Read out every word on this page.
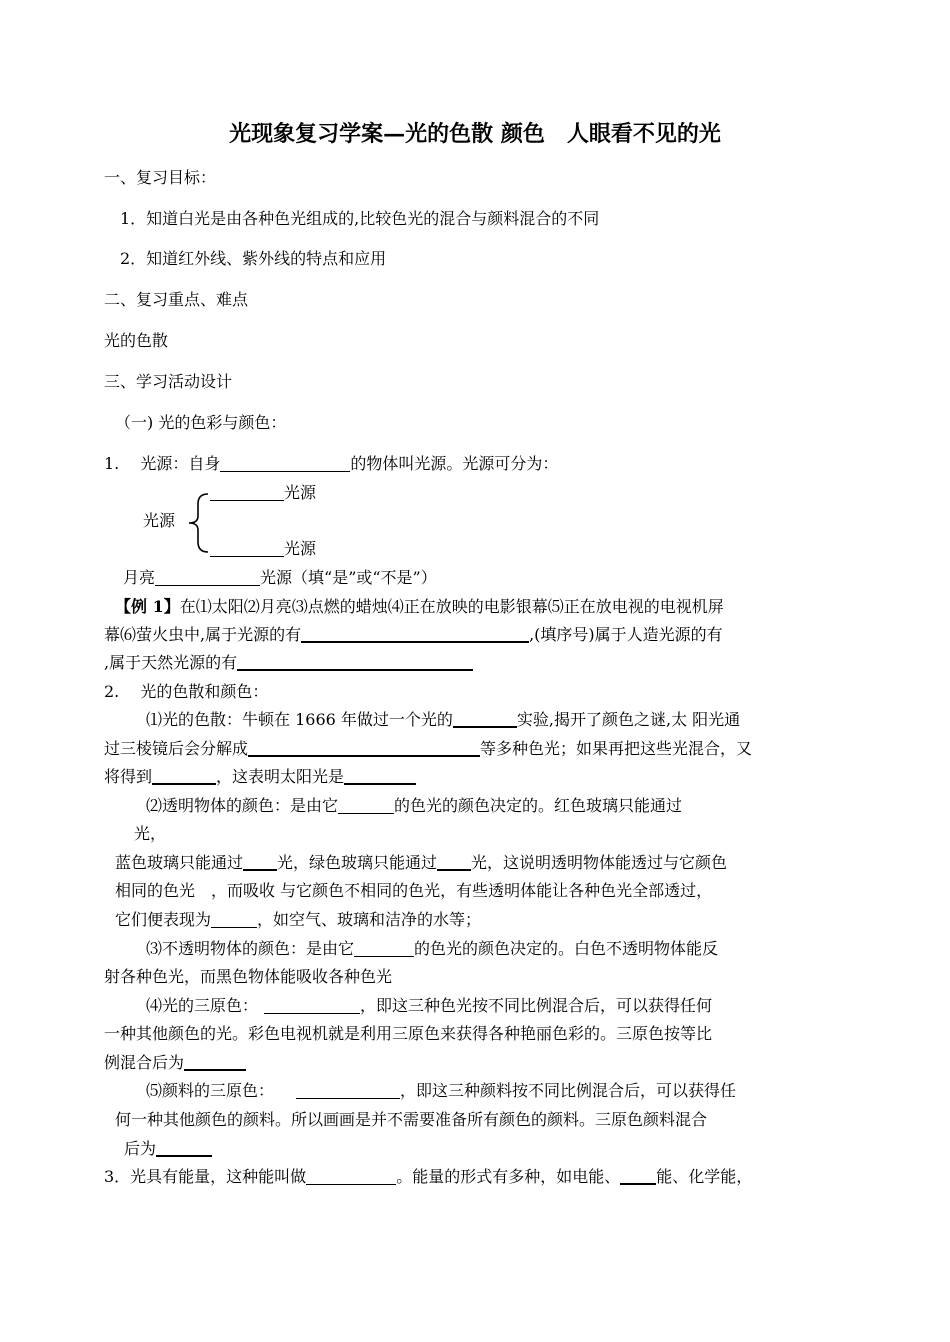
光现象复习学案—光的色散 颜色　人眼看不见的光
一、复习目标：
1．知道白光是由各种色光组成的,比较色光的混合与颜料混合的不同
2．知道红外线、紫外线的特点和应用
二、复习重点、难点
光的色散
三、学习活动设计
（一) 光的色彩与颜色：
1.　 光源：自身	的物体叫光源。光源可分为：
光源
光源
光源
月亮	光源（填“是”或“不是”）
【例 1】在⑴太阳⑵月亮⑶点燃的蜡烛⑷正在放映的电影银幕⑸正在放电视的电视机屏
幕⑹萤火虫中,属于光源的有	,(填序号)属于人造光源的有
,属于天然光源的有
2.　 光的色散和颜色：
⑴光的色散：牛顿在 1666 年做过一个光的	实验,揭开了颜色之谜,太 阳光通
过三棱镜后会分解成	等多种色光；如果再把这些光混合，又
将得到	，这表明太阳光是
⑵透明物体的颜色：是由它	的色光的颜色决定的。红色玻璃只能通过
光，
蓝色玻璃只能通过 光，绿色玻璃只能通过 光，这说明透明物体能透过与它颜色
相同的色光　，而吸收 与它颜色不相同的色光，有些透明体能让各种色光全部透过，
它们便表现为	，如空气、玻璃和洁净的水等；
⑶不透明物体的颜色：是由它	的色光的颜色决定的。白色不透明物体能反
射各种色光，而黑色物体能吸收各种色光
⑷光的三原色：	，即这三种色光按不同比例混合后，可以获得任何
一种其他颜色的光。彩色电视机就是利用三原色来获得各种艳丽色彩的。三原色按等比
例混合后为
⑸颜料的三原色：	，即这三种颜料按不同比例混合后，可以获得任
何一种其他颜色的颜料。所以画画是并不需要准备所有颜色的颜料。三原色颜料混合
后为
3．光具有能量，这种能叫做	。能量的形式有多种，如电能、 能、化学能，
